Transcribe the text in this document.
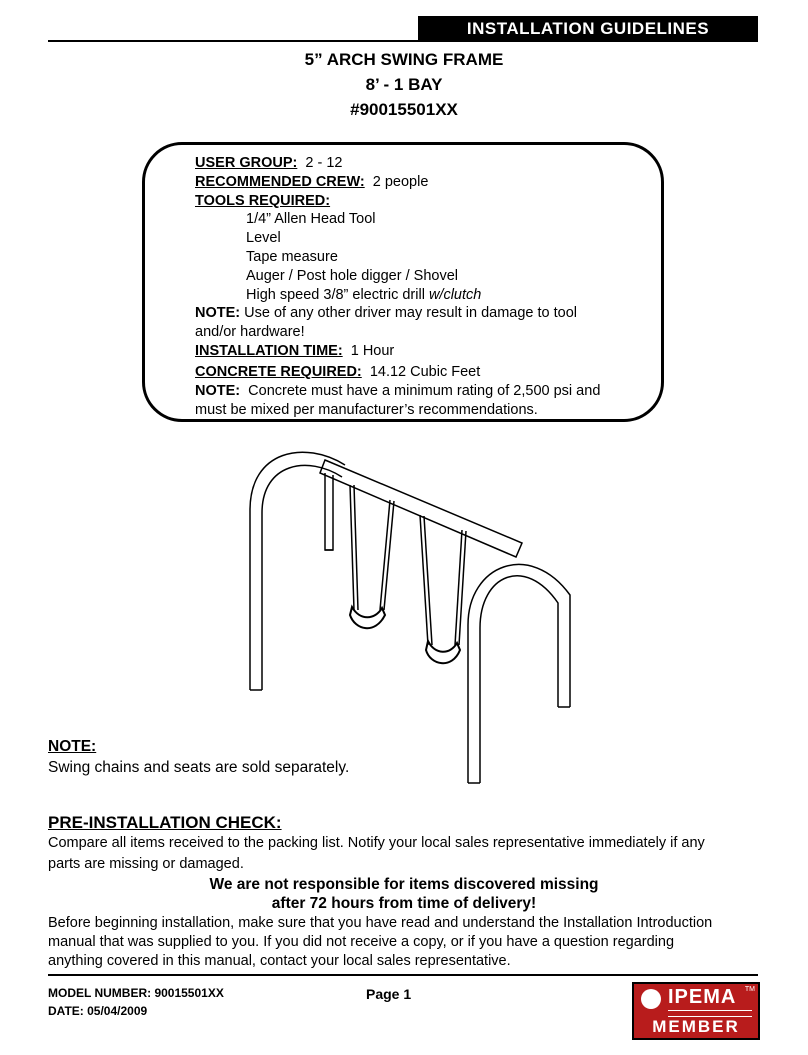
INSTALLATION GUIDELINES
5” ARCH SWING FRAME
8’ - 1 BAY
#90015501XX
USER GROUP: 2 - 12
RECOMMENDED CREW: 2 people
TOOLS REQUIRED:
1/4” Allen Head Tool
Level
Tape measure
Auger / Post hole digger / Shovel
High speed 3/8” electric drill w/clutch
NOTE: Use of any other driver may result in damage to tool
and/or hardware!
INSTALLATION TIME: 1 Hour
CONCRETE REQUIRED: 14.12 Cubic Feet
NOTE: Concrete must have a minimum rating of 2,500 psi and
must be mixed per manufacturer’s recommendations.
NOTE:
Swing chains and seats are sold separately.
PRE-INSTALLATION CHECK:
Compare all items received to the packing list. Notify your local sales representative immediately if any
parts are missing or damaged.
We are not responsible for items discovered missing
after 72 hours from time of delivery!
Before beginning installation, make sure that you have read and understand the Installation Introduction
manual that was supplied to you. If you did not receive a copy, or if you have a question regarding
anything covered in this manual, contact your local sales representative.
MODEL NUMBER: 90015501XX
DATE: 05/04/2009
Page 1	IPEMA TM
MEMBER
